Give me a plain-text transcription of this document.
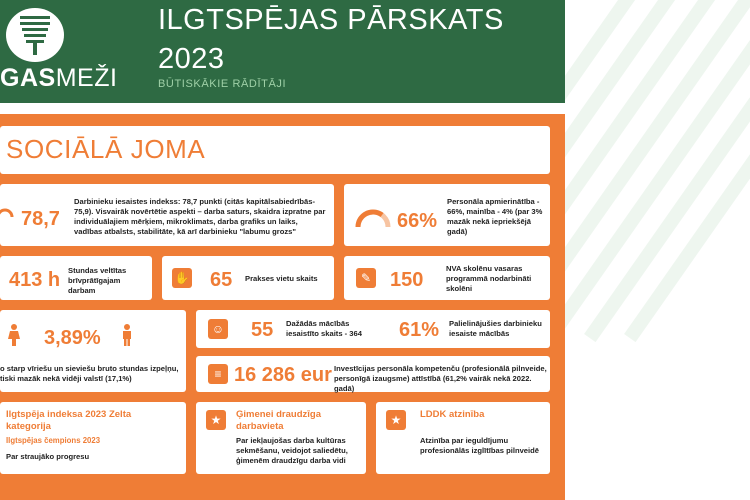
GASMEŽI
ILGTSPĒJAS PĀRSKATS
2023
BŪTISKĀKIE RĀDĪTĀJI
SOCIĀLĀ JOMA
78,7
Darbinieku iesaistes indekss: 78,7 punkti (citās kapitālsabiedrībās- 75,9). Visvairāk novērtētie aspekti – darba saturs, skaidra izpratne par individuālajiem mērķiem, mikroklimats, darba grafiks un laiks, vadības atbalsts, stabilitāte, kā arī darbinieku "labumu grozs"	66%
Personāla apmierinātība - 66%, mainība - 4% (par 3% mazāk nekā iepriekšējā gadā)
413 h Stundas veltītas brīvprātīgajam darbam
✋ 65 Prakses vietu skaits	✎ 150
NVA skolēnu vasaras programmā nodarbināti skolēni
3,89%
o starp vīriešu un sieviešu bruto stundas izpeļņu, tiski mazāk nekā vidēji valstī (17,1%)
☺ 55 Dažādās mācībās iesaistīto skaits - 364	61% Palielinājušies darbinieku iesaiste mācībās
≡ 16 286 eur Investīcijas personāla kompetenču (profesionālā pilnveide, personīgā izaugsme) attīstībā (61,2% vairāk nekā 2022. gadā)
Ilgtspēja indeksa 2023 Zelta kategorija
Ilgtspējas čempions 2023
Par straujāko progresu
★	Ģimenei draudzīga darbavieta
Par iekļaujošas darba kultūras sekmēšanu, veidojot saliedētu, ģimenēm draudzīgu darba vidi
★	LDDK atzinība
Atzinība par ieguldījumu profesionālās izglītības pilnveidē
